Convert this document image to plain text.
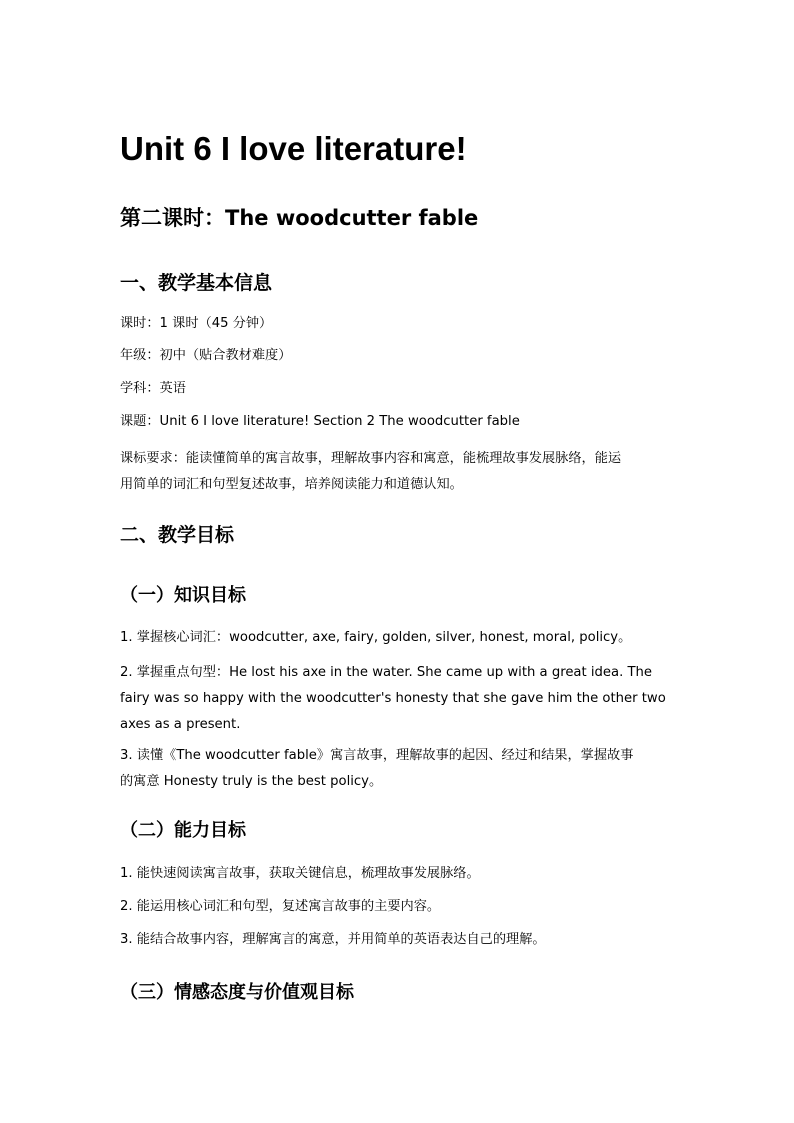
Unit 6 I love literature!
第二课时：The woodcutter fable
一、教学基本信息

课时：1 课时（45 分钟）

年级：初中（贴合教材难度）

学科：英语

课题：Unit 6 I love literature! Section 2 The woodcutter fable

课标要求：能读懂简单的寓言故事，理解故事内容和寓意，能梳理故事发展脉络，能运
用简单的词汇和句型复述故事，培养阅读能力和道德认知。

二、教学目标
（一）知识目标

1. 掌握核心词汇：woodcutter, axe, fairy, golden, silver, honest, moral, policy。

2. 掌握重点句型：He lost his axe in the water. She came up with a great idea. The
fairy was so happy with the woodcutter's honesty that she gave him the other two
axes as a present.

3. 读懂《The woodcutter fable》寓言故事，理解故事的起因、经过和结果，掌握故事
的寓意 Honesty truly is the best policy。

（二）能力目标

1. 能快速阅读寓言故事，获取关键信息，梳理故事发展脉络。

2. 能运用核心词汇和句型，复述寓言故事的主要内容。

3. 能结合故事内容，理解寓言的寓意，并用简单的英语表达自己的理解。

（三）情感态度与价值观目标
